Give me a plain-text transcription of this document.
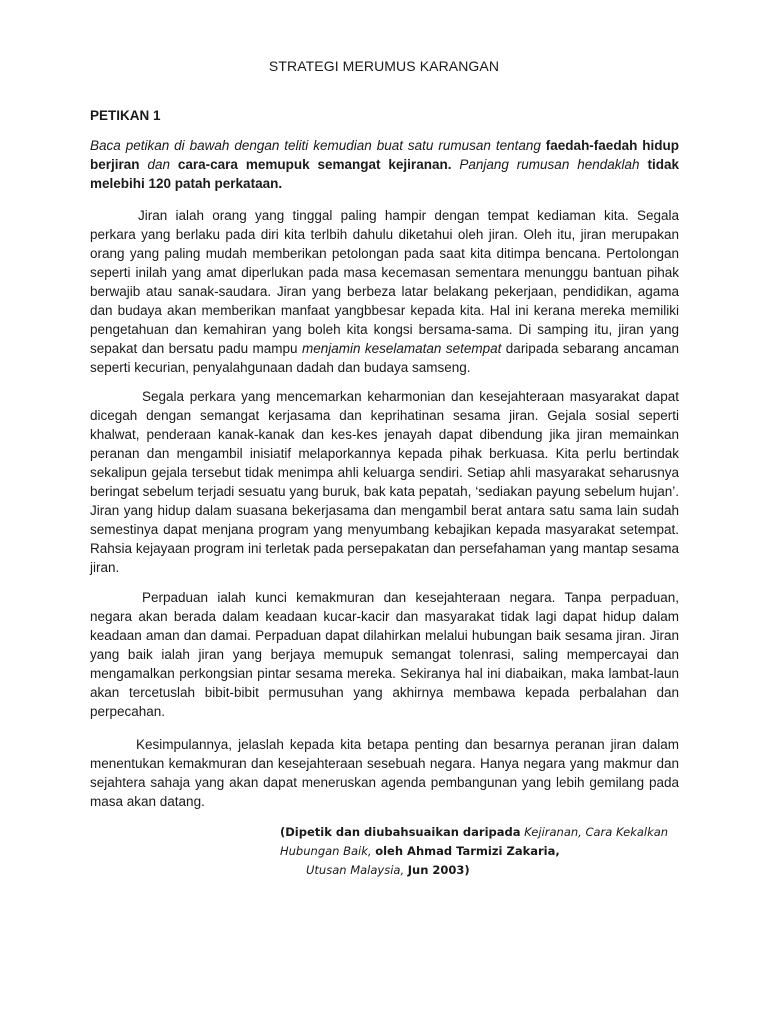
STRATEGI MERUMUS KARANGAN
PETIKAN 1
Baca petikan di bawah dengan teliti kemudian buat satu rumusan tentang faedah-faedah hidup berjiran dan cara-cara memupuk semangat kejiranan. Panjang rumusan hendaklah tidak melebihi 120 patah perkataan.
Jiran ialah orang yang tinggal paling hampir dengan tempat kediaman kita. Segala perkara yang berlaku pada diri kita terlbih dahulu diketahui oleh jiran. Oleh itu, jiran merupakan orang yang paling mudah memberikan petolongan pada saat kita ditimpa bencana. Pertolongan seperti inilah yang amat diperlukan pada masa kecemasan sementara menunggu bantuan pihak berwajib atau sanak-saudara. Jiran yang berbeza latar belakang pekerjaan, pendidikan, agama dan budaya akan memberikan manfaat yangbbesar kepada kita. Hal ini kerana mereka memiliki pengetahuan dan kemahiran yang boleh kita kongsi bersama-sama. Di samping itu, jiran yang sepakat dan bersatu padu mampu menjamin keselamatan setempat daripada sebarang ancaman seperti kecurian, penyalahgunaan dadah dan budaya samseng.
Segala perkara yang mencemarkan keharmonian dan kesejahteraan masyarakat dapat dicegah dengan semangat kerjasama dan keprihatinan sesama jiran. Gejala sosial seperti khalwat, penderaan kanak-kanak dan kes-kes jenayah dapat dibendung jika jiran memainkan peranan dan mengambil inisiatif melaporkannya kepada pihak berkuasa. Kita perlu bertindak sekalipun gejala tersebut tidak menimpa ahli keluarga sendiri. Setiap ahli masyarakat seharusnya beringat sebelum terjadi sesuatu yang buruk, bak kata pepatah, ‘sediakan payung sebelum hujan’. Jiran yang hidup dalam suasana bekerjasama dan mengambil berat antara satu sama lain sudah semestinya dapat menjana program yang menyumbang kebajikan kepada masyarakat setempat. Rahsia kejayaan program ini terletak pada persepakatan dan persefahaman yang mantap sesama jiran.
Perpaduan ialah kunci kemakmuran dan kesejahteraan negara. Tanpa perpaduan, negara akan berada dalam keadaan kucar-kacir dan masyarakat tidak lagi dapat hidup dalam keadaan aman dan damai. Perpaduan dapat dilahirkan melalui hubungan baik sesama jiran. Jiran yang baik ialah jiran yang berjaya memupuk semangat tolenrasi, saling mempercayai dan mengamalkan perkongsian pintar sesama mereka. Sekiranya hal ini diabaikan, maka lambat-laun akan tercetuslah bibit-bibit permusuhan yang akhirnya membawa kepada perbalahan dan perpecahan.
Kesimpulannya, jelaslah kepada kita betapa penting dan besarnya peranan jiran dalam menentukan kemakmuran dan kesejahteraan sesebuah negara. Hanya negara yang makmur dan sejahtera sahaja yang akan dapat meneruskan agenda pembangunan yang lebih gemilang pada masa akan datang.
(Dipetik dan diubahsuaikan daripada Kejiranan, Cara Kekalkan Hubungan Baik, oleh Ahmad Tarmizi Zakaria,
Utusan Malaysia, Jun 2003)
